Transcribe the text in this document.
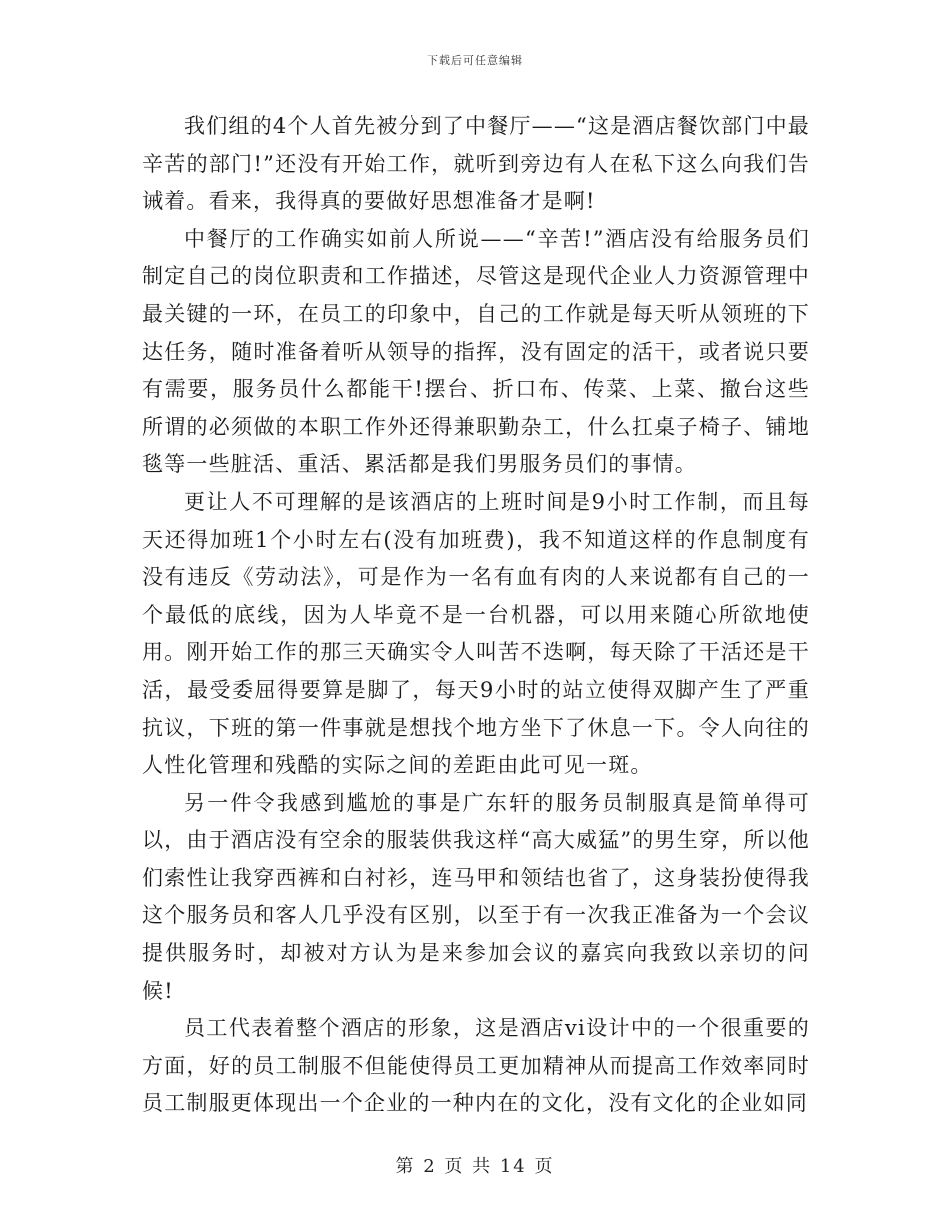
下载后可任意编辑

我们组的4个人首先被分到了中餐厅——“这是酒店餐饮部门中最辛苦的部门!”还没有开始工作，就听到旁边有人在私下这么向我们告诫着。看来，我得真的要做好思想准备才是啊!

中餐厅的工作确实如前人所说——“辛苦!”酒店没有给服务员们制定自己的岗位职责和工作描述，尽管这是现代企业人力资源管理中最关键的一环，在员工的印象中，自己的工作就是每天听从领班的下达任务，随时准备着听从领导的指挥，没有固定的活干，或者说只要有需要，服务员什么都能干!摆台、折口布、传菜、上菜、撤台这些所谓的必须做的本职工作外还得兼职勤杂工，什么扛桌子椅子、铺地毯等一些脏活、重活、累活都是我们男服务员们的事情。

更让人不可理解的是该酒店的上班时间是9小时工作制，而且每天还得加班1个小时左右(没有加班费)，我不知道这样的作息制度有没有违反《劳动法》，可是作为一名有血有肉的人来说都有自己的一个最低的底线，因为人毕竟不是一台机器，可以用来随心所欲地使用。刚开始工作的那三天确实令人叫苦不迭啊，每天除了干活还是干活，最受委屈得要算是脚了，每天9小时的站立使得双脚产生了严重抗议，下班的第一件事就是想找个地方坐下了休息一下。令人向往的人性化管理和残酷的实际之间的差距由此可见一斑。

另一件令我感到尴尬的事是广东轩的服务员制服真是简单得可以，由于酒店没有空余的服装供我这样“高大威猛”的男生穿，所以他们索性让我穿西裤和白衬衫，连马甲和领结也省了，这身装扮使得我这个服务员和客人几乎没有区别，以至于有一次我正准备为一个会议提供服务时，却被对方认为是来参加会议的嘉宾向我致以亲切的问候!

员工代表着整个酒店的形象，这是酒店vi设计中的一个很重要的方面，好的员工制服不但能使得员工更加精神从而提高工作效率同时员工制服更体现出一个企业的一种内在的文化，没有文化的企业如同

第 2 页 共 14 页
